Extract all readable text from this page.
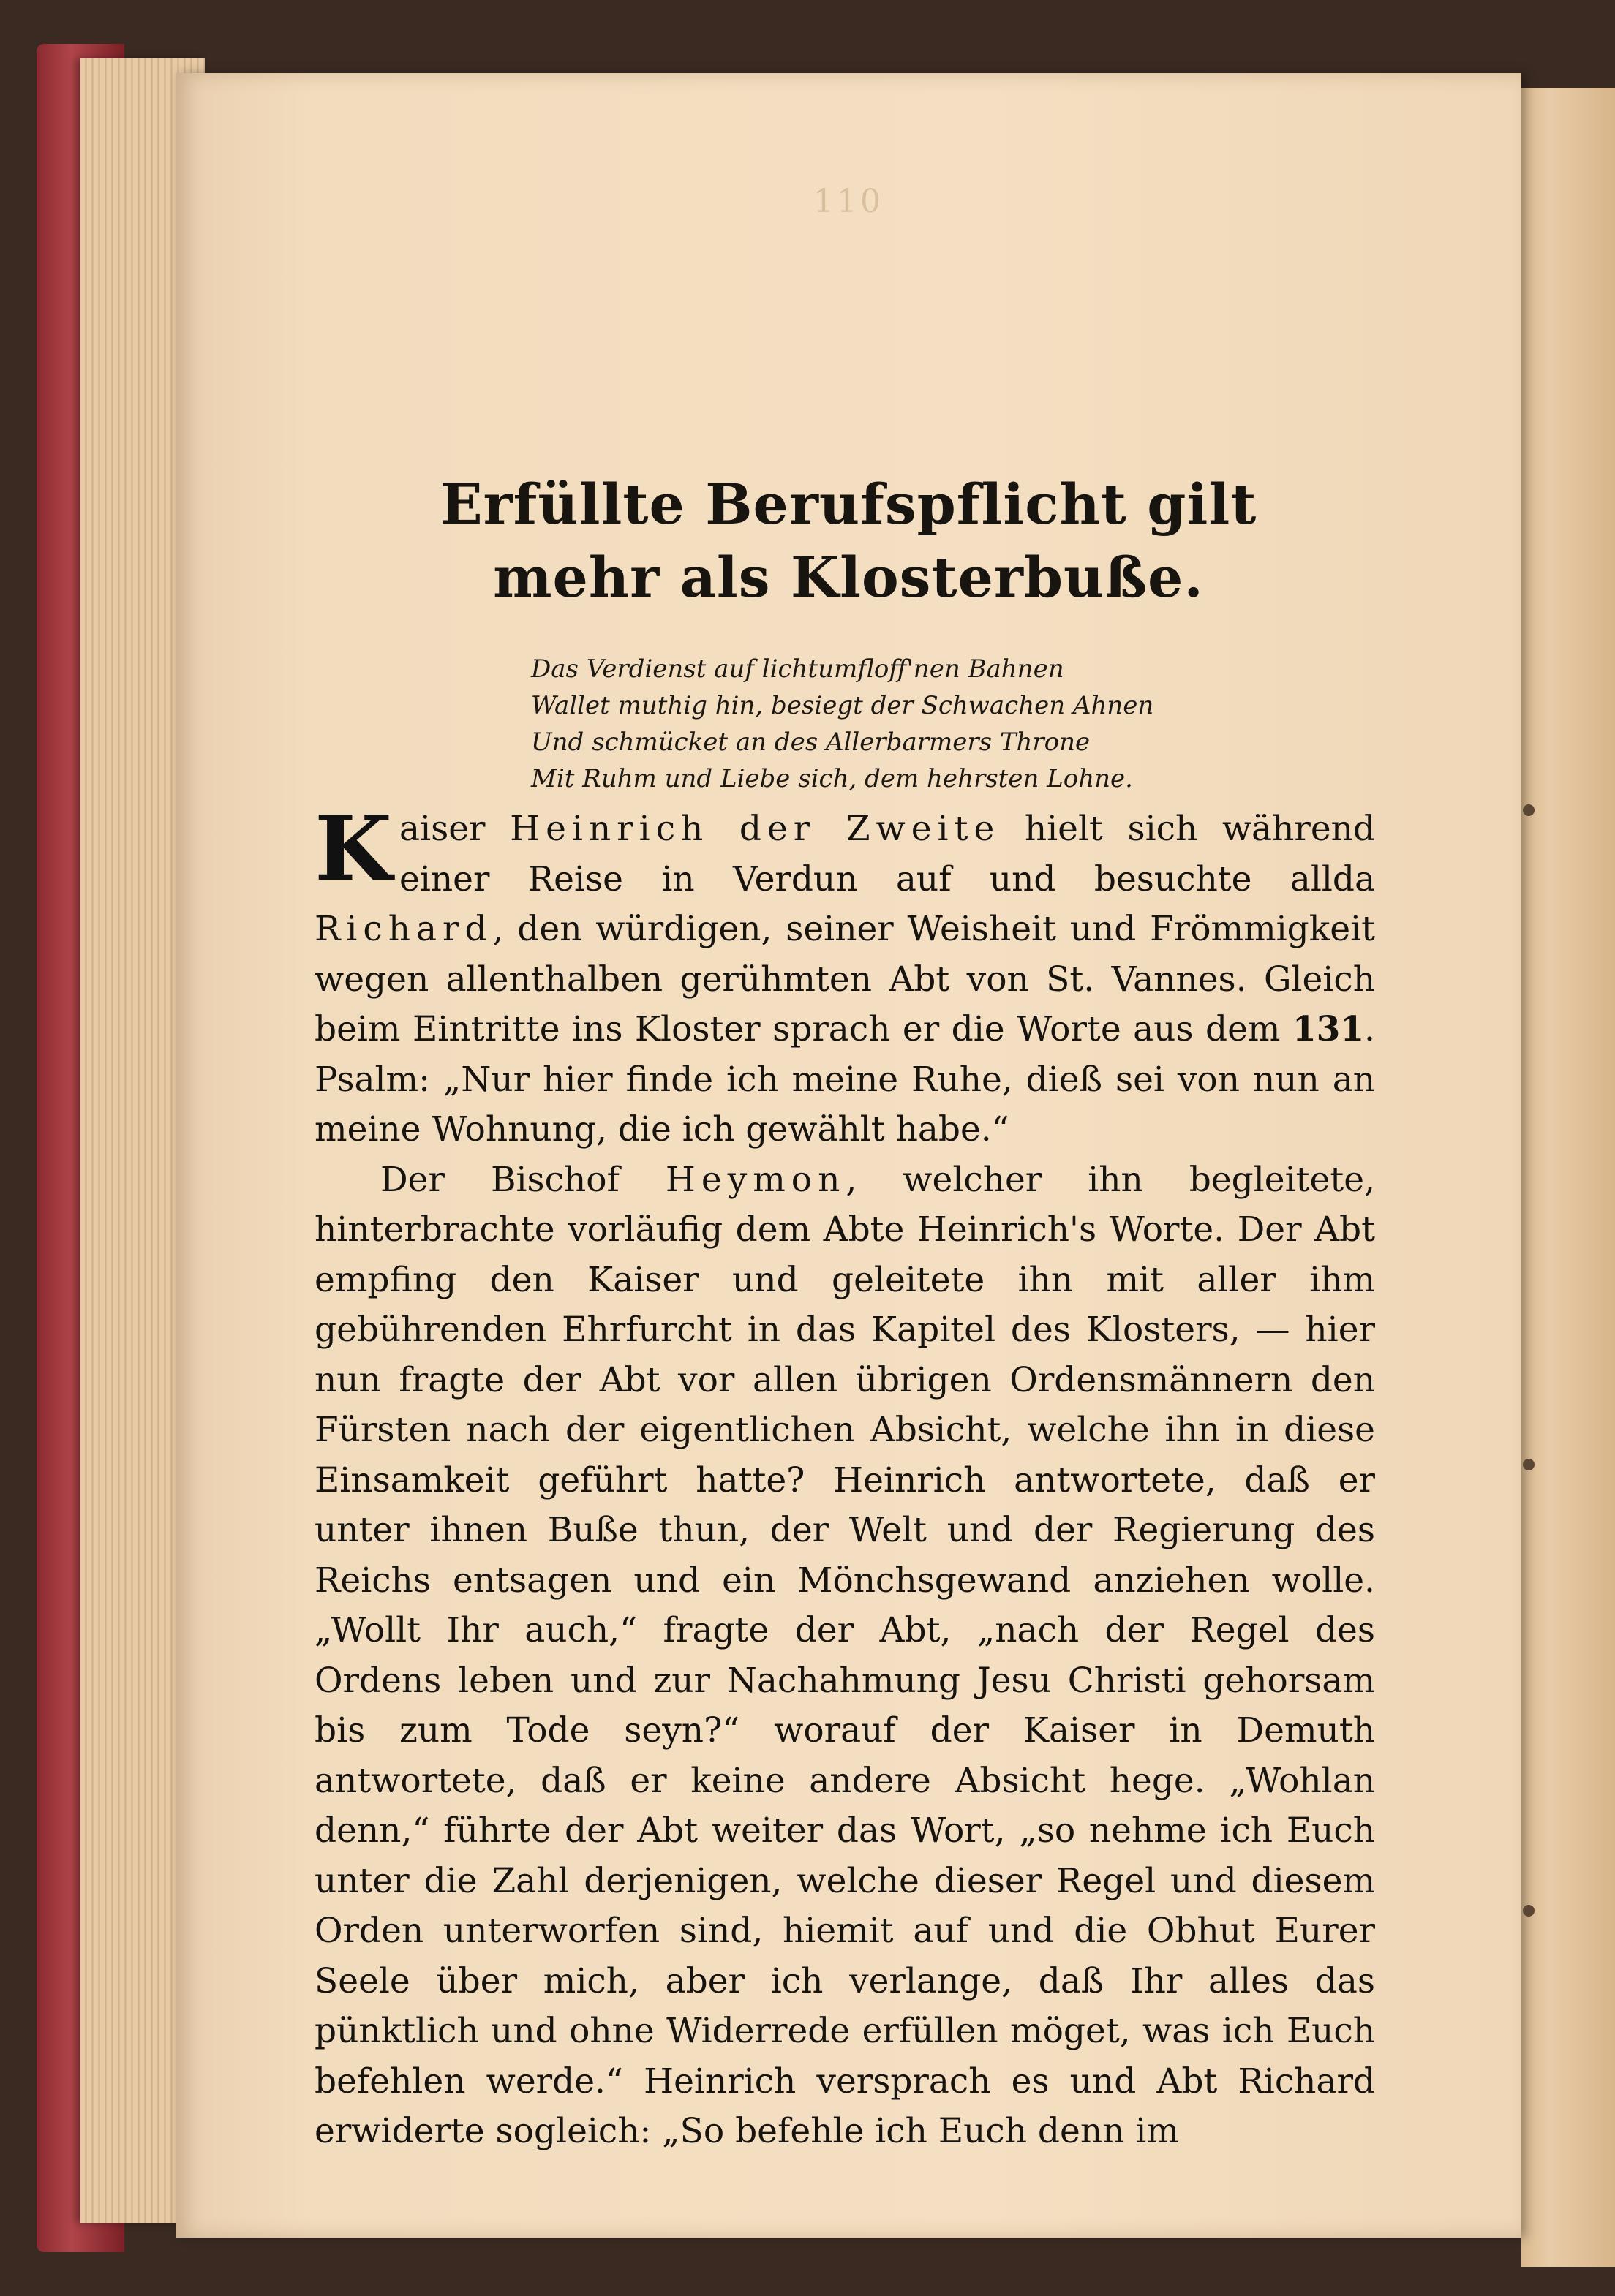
110
Erfüllte Berufspflicht gilt mehr als Klosterbuße.
Das Verdienst auf lichtumfloff'nen Bahnen
Wallet muthig hin, besiegt der Schwachen Ahnen
Und schmücket an des Allerbarmers Throne
Mit Ruhm und Liebe sich, dem hehrsten Lohne.

Kaiser Heinrich der Zweite hielt sich während einer Reise in Verdun auf und besuchte allda Richard, den würdigen, seiner Weisheit und Frömmigkeit wegen allenthalben gerühmten Abt von St. Vannes. Gleich beim Eintritte ins Kloster sprach er die Worte aus dem 131. Psalm: „Nur hier finde ich meine Ruhe, dieß sei von nun an meine Wohnung, die ich gewählt habe.“

Der Bischof Heymon, welcher ihn begleitete, hinterbrachte vorläufig dem Abte Heinrich's Worte. Der Abt empfing den Kaiser und geleitete ihn mit aller ihm gebührenden Ehrfurcht in das Kapitel des Klosters, — hier nun fragte der Abt vor allen übrigen Ordensmännern den Fürsten nach der eigentlichen Absicht, welche ihn in diese Einsamkeit geführt hatte? Heinrich antwortete, daß er unter ihnen Buße thun, der Welt und der Regierung des Reichs entsagen und ein Mönchsgewand anziehen wolle. „Wollt Ihr auch,“ fragte der Abt, „nach der Regel des Ordens leben und zur Nachahmung Jesu Christi gehorsam bis zum Tode seyn?“ worauf der Kaiser in Demuth antwortete, daß er keine andere Absicht hege. „Wohlan denn,“ führte der Abt weiter das Wort, „so nehme ich Euch unter die Zahl derjenigen, welche dieser Regel und diesem Orden unterworfen sind, hiemit auf und die Obhut Eurer Seele über mich, aber ich verlange, daß Ihr alles das pünktlich und ohne Widerrede erfüllen möget, was ich Euch befehlen werde.“ Heinrich versprach es und Abt Richard erwiderte sogleich: „So befehle ich Euch denn im
